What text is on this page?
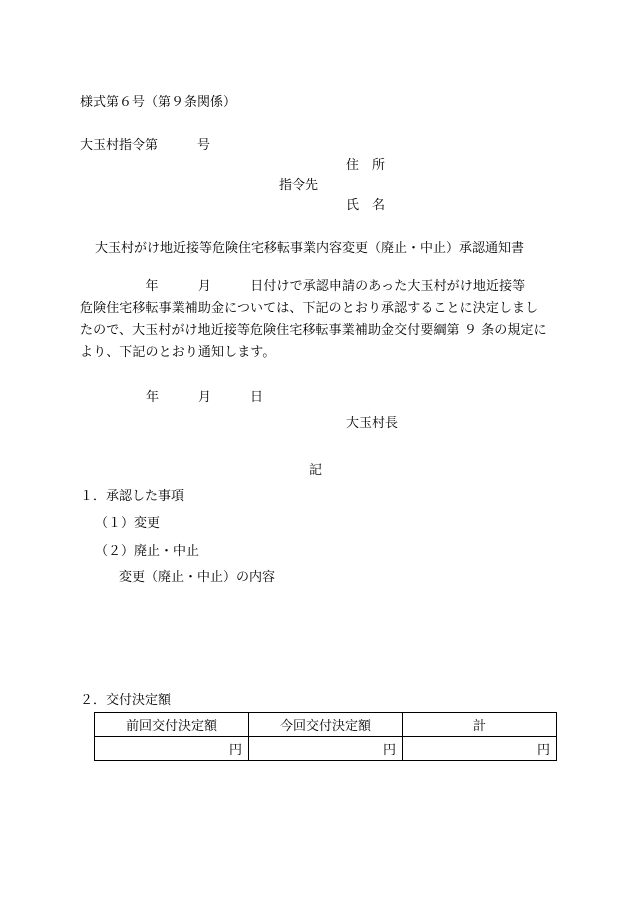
様式第６号（第９条関係）
大玉村指令第　　　号
住　所
指令先
氏　名
大玉村がけ地近接等危険住宅移転事業内容変更（廃止・中止）承認通知書
　　　　　年　　　月　　　日付けで承認申請のあった大玉村がけ地近接等
危険住宅移転事業補助金については、下記のとおり承認することに決定しまし
たので、大玉村がけ地近接等危険住宅移転事業補助金交付要綱第 ９ 条の規定に
より、下記のとおり通知します。
年　　　月　　　日
大玉村長
記
１．承認した事項
（１）変更
（２）廃止・中止
変更（廃止・中止）の内容
２．交付決定額
前回交付決定額	今回交付決定額	計
円	円	円
